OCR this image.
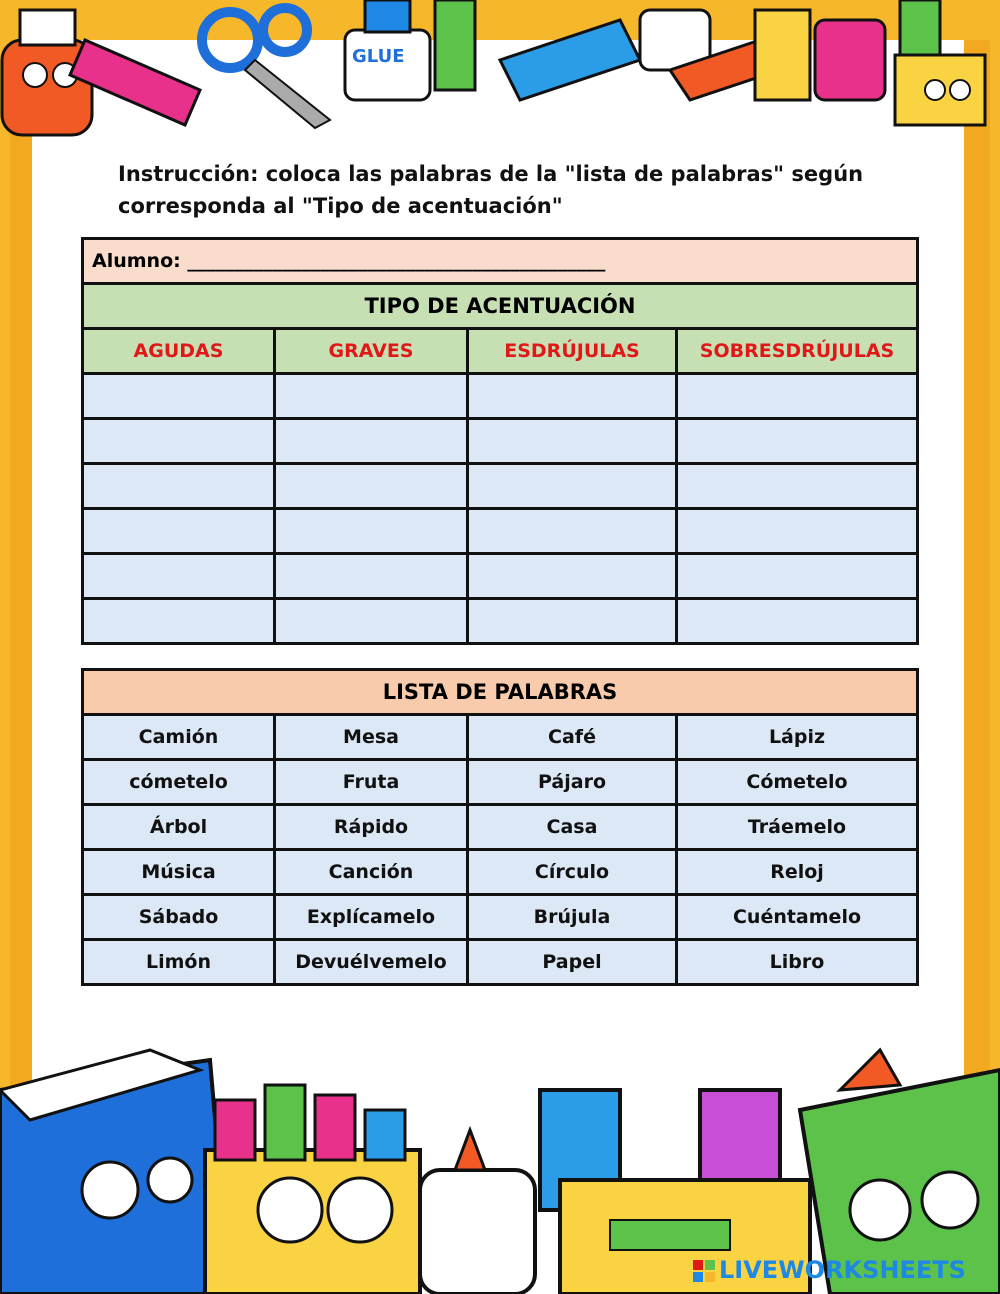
GLUE
Instrucción: coloca las palabras de la "lista de palabras" según corresponda al "Tipo de acentuación"
Alumno: ____________________________________________			
TIPO DE ACENTUACIÓN			
AGUDAS	GRAVES	ESDRÚJULAS	SOBRESDRÚJULAS

LISTA DE PALABRAS			
Camión	Mesa	Café	Lápiz
cómetelo	Fruta	Pájaro	Cómetelo
Árbol	Rápido	Casa	Tráemelo
Música	Canción	Círculo	Reloj
Sábado	Explícamelo	Brújula	Cuéntamelo
Limón	Devuélvemelo	Papel	Libro
LIVEWORKSHEETS
